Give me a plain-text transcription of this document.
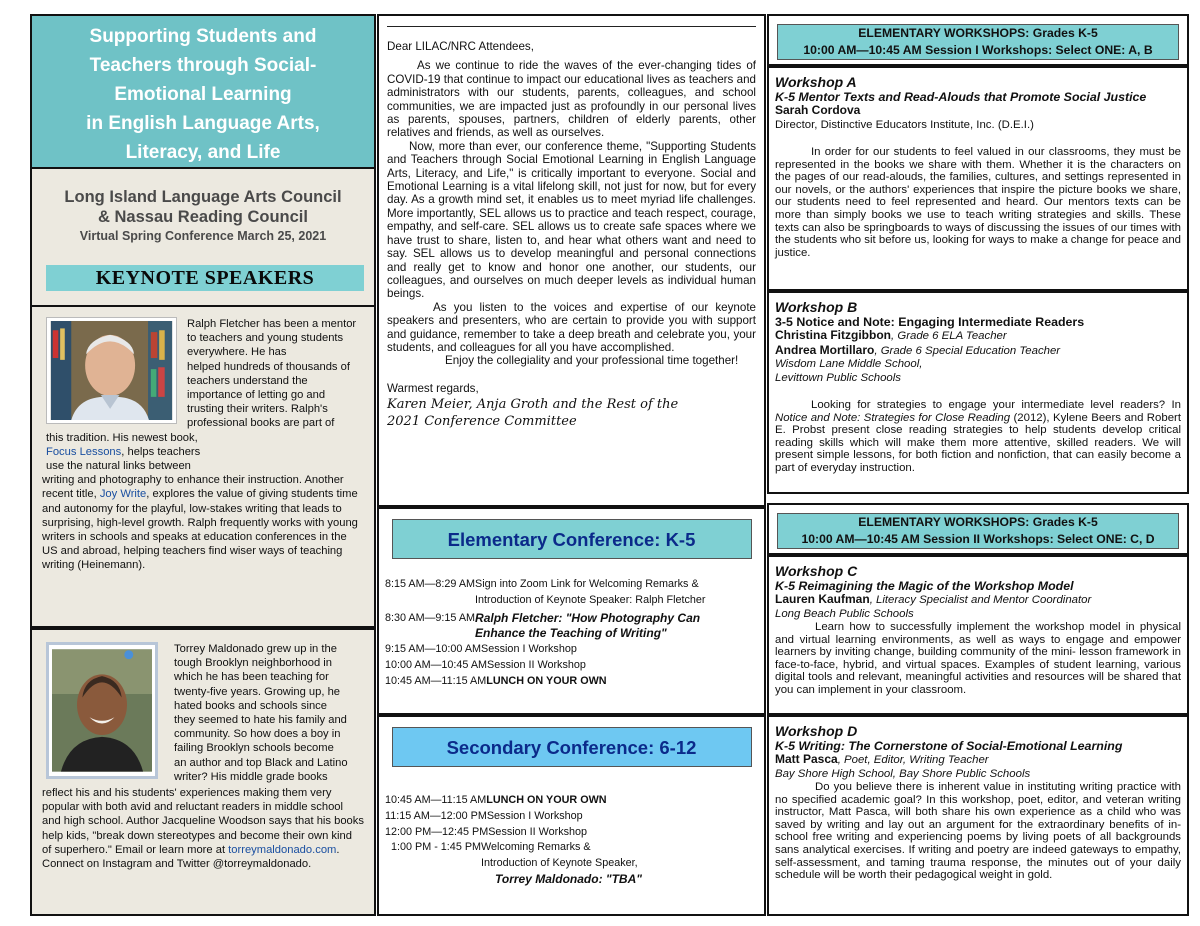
Supporting Students and
Teachers through Social-
Emotional Learning
in English Language Arts,
Literacy, and Life
Long Island Language Arts Council
& Nassau Reading Council
Virtual Spring Conference March 25, 2021
KEYNOTE SPEAKERS
Ralph Fletcher has been a mentor
to teachers and young students
everywhere. He has
helped hundreds of thousands of
teachers understand the
importance of letting go and
trusting their writers. Ralph's
professional books are part of
this tradition. His newest book,
Focus Lessons, helps teachers
use the natural links between
writing and photography to enhance their instruction. Another recent title, Joy Write, explores the value of giving students time and autonomy for the playful, low-stakes writing that leads to surprising, high-level growth. Ralph frequently works with young writers in schools and speaks at education conferences in the US and abroad, helping teachers find wiser ways of teaching writing (Heinemann).
Torrey Maldonado grew up in the
tough Brooklyn neighborhood in
which he has been teaching for
twenty-five years. Growing up, he
hated books and schools since
they seemed to hate his family and
community. So how does a boy in
failing Brooklyn schools become
an author and top Black and Latino
writer? His middle grade books
reflect his and his students' experiences making them very popular with both avid and reluctant readers in middle school and high school. Author Jacqueline Woodson says that his books help kids, "break down stereotypes and become their own kind of superhero." Email or learn more at torreymaldonado.com. Connect on Instagram and Twitter @torreymaldonado.

Dear LILAC/NRC Attendees,

As we continue to ride the waves of the ever-changing tides of COVID-19 that continue to impact our educational lives as teachers and administrators with our students, parents, colleagues, and school communities, we are impacted just as profoundly in our personal lives as parents, spouses, partners, children of elderly parents, other relatives and friends, as well as ourselves.

Now, more than ever, our conference theme, "Supporting Students and Teachers through Social Emotional Learning in English Language Arts, Literacy, and Life," is critically important to everyone. Social and Emotional Learning is a vital lifelong skill, not just for now, but for every day. As a growth mind set, it enables us to meet myriad life challenges. More importantly, SEL allows us to practice and teach respect, courage, empathy, and self-care. SEL allows us to create safe spaces where we have trust to share, listen to, and hear what others want and need to say. SEL allows us to develop meaningful and personal connections and really get to know and honor one another, our students, our colleagues, and ourselves on much deeper levels as individual human beings.

As you listen to the voices and expertise of our keynote speakers and presenters, who are certain to provide you with support and guidance, remember to take a deep breath and celebrate you, your students, and colleagues for all you have accomplished.

Enjoy the collegiality and your professional time together!

Warmest regards,

Karen Meier, Anja Groth and the Rest of the
2021 Conference Committee
Elementary Conference: K-5
8:15 AM—8:29 AM Sign into Zoom Link for Welcoming Remarks &
Introduction of Keynote Speaker: Ralph Fletcher
8:30 AM—9:15 AM Ralph Fletcher: "How Photography Can
Enhance the Teaching of Writing"
9:15 AM—10:00 AM Session I Workshop
10:00 AM—10:45 AM Session II Workshop
10:45 AM—11:15 AM LUNCH ON YOUR OWN
Secondary Conference: 6-12
10:45 AM—11:15 AM LUNCH ON YOUR OWN
11:15 AM—12:00 PM Session I Workshop
12:00 PM—12:45 PM Session II Workshop
1:00 PM - 1:45 PM Welcoming Remarks &
Introduction of Keynote Speaker,
Torrey Maldonado: "TBA"
ELEMENTARY WORKSHOPS: Grades K-5
10:00 AM—10:45 AM Session I Workshops: Select ONE: A, B
Workshop A
K-5 Mentor Texts and Read-Alouds that Promote Social Justice
Sarah Cordova
Director, Distinctive Educators Institute, Inc. (D.E.I.)

In order for our students to feel valued in our classrooms, they must be represented in the books we share with them. Whether it is the characters on the pages of our read-alouds, the families, cultures, and settings represented in our novels, or the authors' experiences that inspire the picture books we share, our students need to feel represented and heard. Our mentors texts can be more than simply books we use to teach writing strategies and skills. These texts can also be springboards to ways of discussing the issues of our times with the students who sit before us, looking for ways to make a change for peace and justice.

Workshop B
3-5 Notice and Note: Engaging Intermediate Readers
Christina Fitzgibbon, Grade 6 ELA Teacher
Andrea Mortillaro, Grade 6 Special Education Teacher
Wisdom Lane Middle School,
Levittown Public Schools

Looking for strategies to engage your intermediate level readers? In Notice and Note: Strategies for Close Reading (2012), Kylene Beers and Robert E. Probst present close reading strategies to help students develop critical reading skills which will make them more attentive, skilled readers. We will present simple lessons, for both fiction and nonfiction, that can easily become a part of everyday instruction.

ELEMENTARY WORKSHOPS: Grades K-5
10:00 AM—10:45 AM Session II Workshops: Select ONE: C, D
Workshop C
K-5 Reimagining the Magic of the Workshop Model
Lauren Kaufman, Literacy Specialist and Mentor Coordinator
Long Beach Public Schools

Learn how to successfully implement the workshop model in physical and virtual learning environments, as well as ways to engage and empower learners by inviting change, building community of the mini- lesson framework in face-to-face, hybrid, and virtual spaces. Examples of student learning, various digital tools and relevant, meaningful activities and resources will be shared that you can implement in your classroom.

Workshop D
K-5 Writing: The Cornerstone of Social-Emotional Learning
Matt Pasca, Poet, Editor, Writing Teacher
Bay Shore High School, Bay Shore Public Schools

Do you believe there is inherent value in instituting writing practice with no specified academic goal? In this workshop, poet, editor, and veteran writing instructor, Matt Pasca, will both share his own experience as a child who was saved by writing and lay out an argument for the extraordinary benefits of in-school free writing and experiencing poems by living poets of all backgrounds sans analytical exercises. If writing and poetry are indeed gateways to empathy, self-assessment, and taming trauma response, the minutes out of your daily schedule will be worth their pedagogical weight in gold.
